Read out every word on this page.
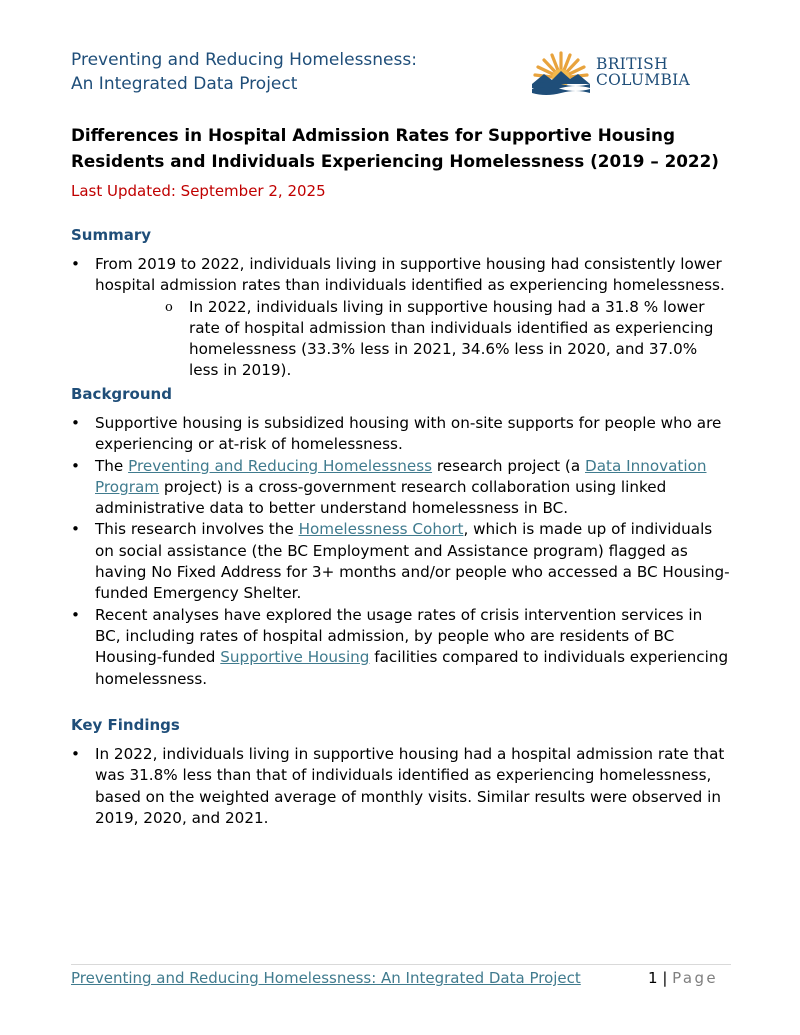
Preventing and Reducing Homelessness:
An Integrated Data Project
BRITISH
COLUMBIA
Differences in Hospital Admission Rates for Supportive Housing
Residents and Individuals Experiencing Homelessness (2019 – 2022)
Last Updated: September 2, 2025
Summary
• From 2019 to 2022, individuals living in supportive housing had consistently lower hospital admission rates than individuals identified as experiencing homelessness.
o In 2022, individuals living in supportive housing had a 31.8 % lower rate of hospital admission than individuals identified as experiencing homelessness (33.3% less in 2021, 34.6% less in 2020, and 37.0% less in 2019).
Background
• Supportive housing is subsidized housing with on-site supports for people who are experiencing or at-risk of homelessness.
• The Preventing and Reducing Homelessness research project (a Data Innovation Program project) is a cross-government research collaboration using linked administrative data to better understand homelessness in BC.
• This research involves the Homelessness Cohort, which is made up of individuals on social assistance (the BC Employment and Assistance program) flagged as having No Fixed Address for 3+ months and/or people who accessed a BC Housing-funded Emergency Shelter.
• Recent analyses have explored the usage rates of crisis intervention services in BC, including rates of hospital admission, by people who are residents of BC Housing-funded Supportive Housing facilities compared to individuals experiencing homelessness.
Key Findings
• In 2022, individuals living in supportive housing had a hospital admission rate that was 31.8% less than that of individuals identified as experiencing homelessness, based on the weighted average of monthly visits. Similar results were observed in 2019, 2020, and 2021.
Preventing and Reducing Homelessness: An Integrated Data Project	1 | Page
